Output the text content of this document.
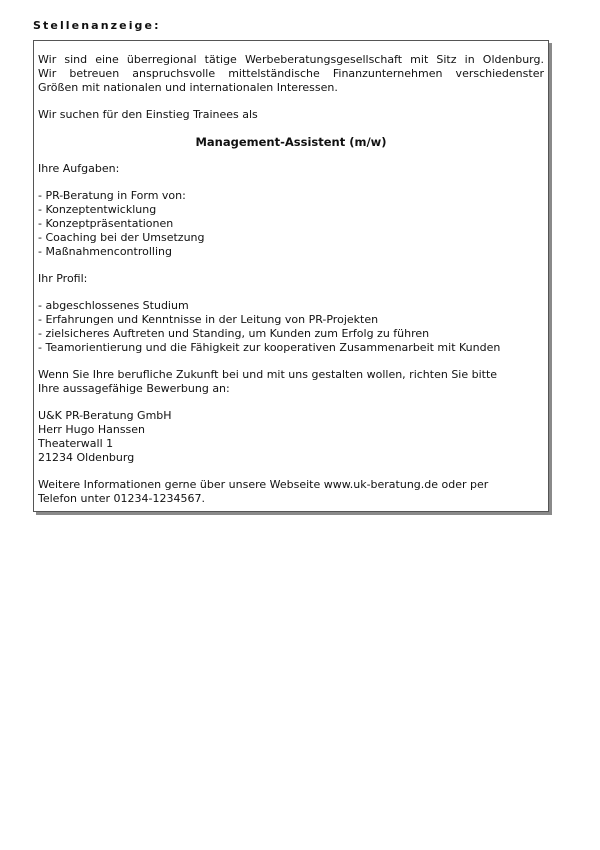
Stellenanzeige:
Wir sind eine überregional tätige Werbeberatungsgesellschaft mit Sitz in Oldenburg.
Wir betreuen anspruchsvolle mittelständische Finanzunternehmen verschiedenster
Größen mit nationalen und internationalen Interessen.
Wir suchen für den Einstieg Trainees als
Management-Assistent (m/w)
Ihre Aufgaben:
- PR-Beratung in Form von:
- Konzeptentwicklung
- Konzeptpräsentationen
- Coaching bei der Umsetzung
- Maßnahmencontrolling
Ihr Profil:
- abgeschlossenes Studium
- Erfahrungen und Kenntnisse in der Leitung von PR-Projekten
- zielsicheres Auftreten und Standing, um Kunden zum Erfolg zu führen
- Teamorientierung und die Fähigkeit zur kooperativen Zusammenarbeit mit Kunden
Wenn Sie Ihre berufliche Zukunft bei und mit uns gestalten wollen, richten Sie bitte
Ihre aussagefähige Bewerbung an:
U&K PR-Beratung GmbH
Herr Hugo Hanssen
Theaterwall 1
21234 Oldenburg
Weitere Informationen gerne über unsere Webseite www.uk-beratung.de oder per
Telefon unter 01234-1234567.
